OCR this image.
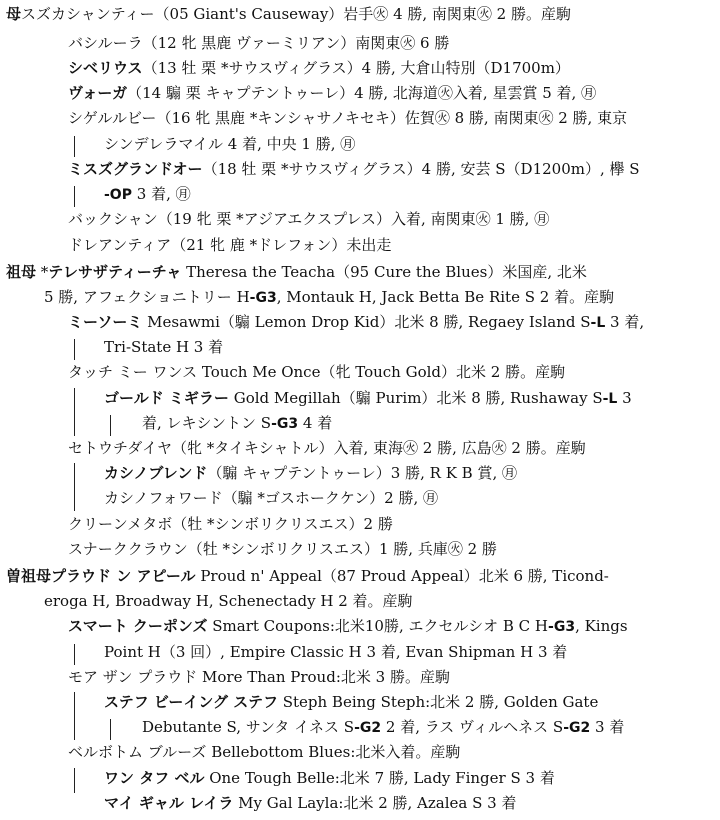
母スズカシャンティー（05 Giant's Causeway）岩手㊋ 4 勝, 南関東㊋ 2 勝。産駒
バシルーラ（12 牝 黒鹿 ヴァーミリアン）南関東㊋ 6 勝
シベリウス（13 牡 栗 *サウスヴィグラス）4 勝, 大倉山特別（D1700m）
ヴォーガ（14 騸 栗 キャプテントゥーレ）4 勝, 北海道㊋入着, 星雲賞 5 着, ㊊
シゲルルビー（16 牝 黒鹿 *キンシャサノキセキ）佐賀㊋ 8 勝, 南関東㊋ 2 勝, 東京
シンデレラマイル 4 着, 中央 1 勝, ㊊
ミスズグランドオー（18 牡 栗 *サウスヴィグラス）4 勝, 安芸 S（D1200m）, 欅 S
-OP 3 着, ㊊
バックシャン（19 牝 栗 *アジアエクスプレス）入着, 南関東㊋ 1 勝, ㊊
ドレアンティア（21 牝 鹿 *ドレフォン）未出走
祖母 *テレサザティーチャ Theresa the Teacha（95 Cure the Blues）米国産, 北米
5 勝, アフェクショニトリー H-G3, Montauk H, Jack Betta Be Rite S 2 着。産駒
ミーソーミ Mesawmi（騸 Lemon Drop Kid）北米 8 勝, Regaey Island S-L 3 着,
Tri-State H 3 着
タッチ ミー ワンス Touch Me Once（牝 Touch Gold）北米 2 勝。産駒
ゴールド ミギラー Gold Megillah（騸 Purim）北米 8 勝, Rushaway S-L 3
着, レキシントン S-G3 4 着
セトウチダイヤ（牝 *タイキシャトル）入着, 東海㊋ 2 勝, 広島㊋ 2 勝。産駒
カシノブレンド（騸 キャプテントゥーレ）3 勝, R K B 賞, ㊊
カシノフォワード（騸 *ゴスホークケン）2 勝, ㊊
クリーンメタボ（牡 *シンボリクリスエス）2 勝
スナーククラウン（牡 *シンボリクリスエス）1 勝, 兵庫㊋ 2 勝
曽祖母プラウド ン アピール Proud n' Appeal（87 Proud Appeal）北米 6 勝, Ticond-
eroga H, Broadway H, Schenectady H 2 着。産駒
スマート クーポンズ Smart Coupons:北米10勝, エクセルシオ B C H-G3, Kings
Point H（3 回）, Empire Classic H 3 着, Evan Shipman H 3 着
モア ザン プラウド More Than Proud:北米 3 勝。産駒
ステフ ビーイング ステフ Steph Being Steph:北米 2 勝, Golden Gate
Debutante S, サンタ イネス S-G2 2 着, ラス ヴィルヘネス S-G2 3 着
ベルボトム ブルーズ Bellebottom Blues:北米入着。産駒
ワン タフ ベル One Tough Belle:北米 7 勝, Lady Finger S 3 着
マイ ギャル レイラ My Gal Layla:北米 2 勝, Azalea S 3 着
